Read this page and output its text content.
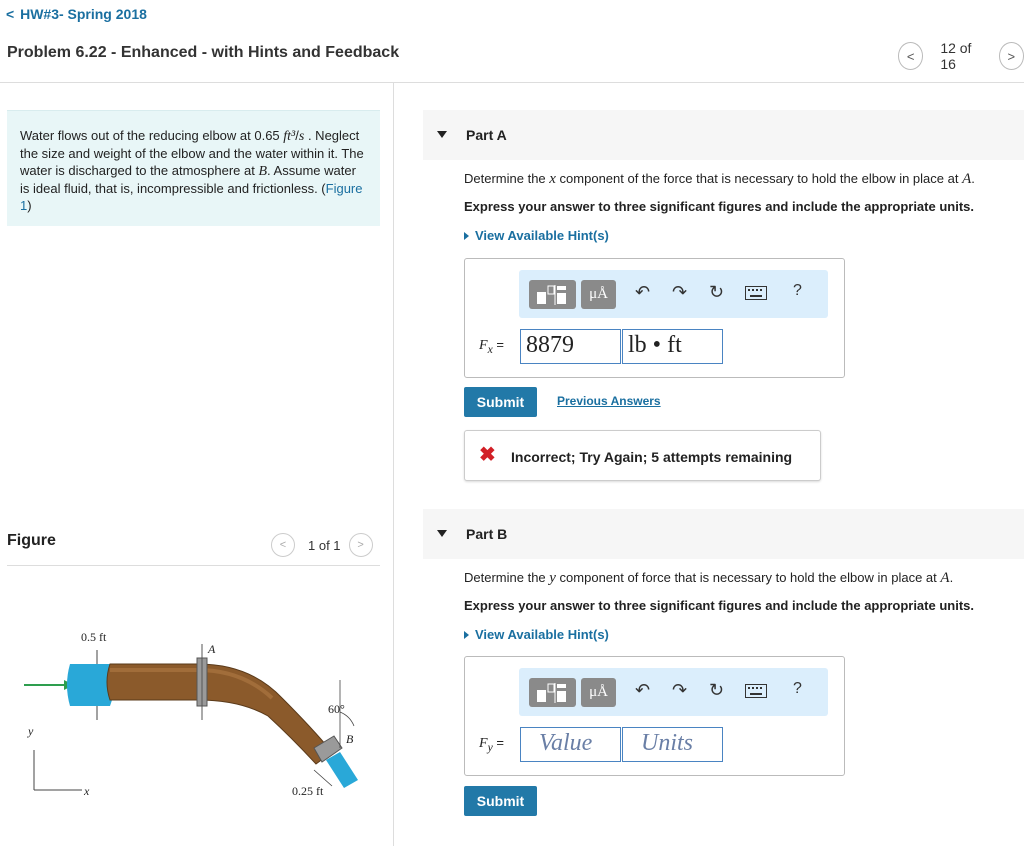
< HW#3- Spring 2018
Problem 6.22 - Enhanced - with Hints and Feedback	< 12 of 16	>
Water flows out of the reducing elbow at 0.65 ft³/s . Neglect the size and weight of the elbow and the water within it. The water is discharged to the atmosphere at B. Assume water is ideal fluid, that is, incompressible and frictionless. (Figure 1)
Figure	< 1 of 1 >
0.5 ft
A
60°
B
y
x	0.25 ft
Part A
Determine the x component of the force that is necessary to hold the elbow in place at A.
Express your answer to three significant figures and include the appropriate units.
View Available Hint(s)
μÅ ↶ ↷ ↻	?
$F_x = 8879$	lb • ft
Submit	Previous Answers
✖ Incorrect; Try Again; 5 attempts remaining
Part B
Determine the y component of force that is necessary to hold the elbow in place at A.
Express your answer to three significant figures and include the appropriate units.
View Available Hint(s)
μÅ ↶ ↷ ↻	?
$F_y$ =	Value	Units
Submit
